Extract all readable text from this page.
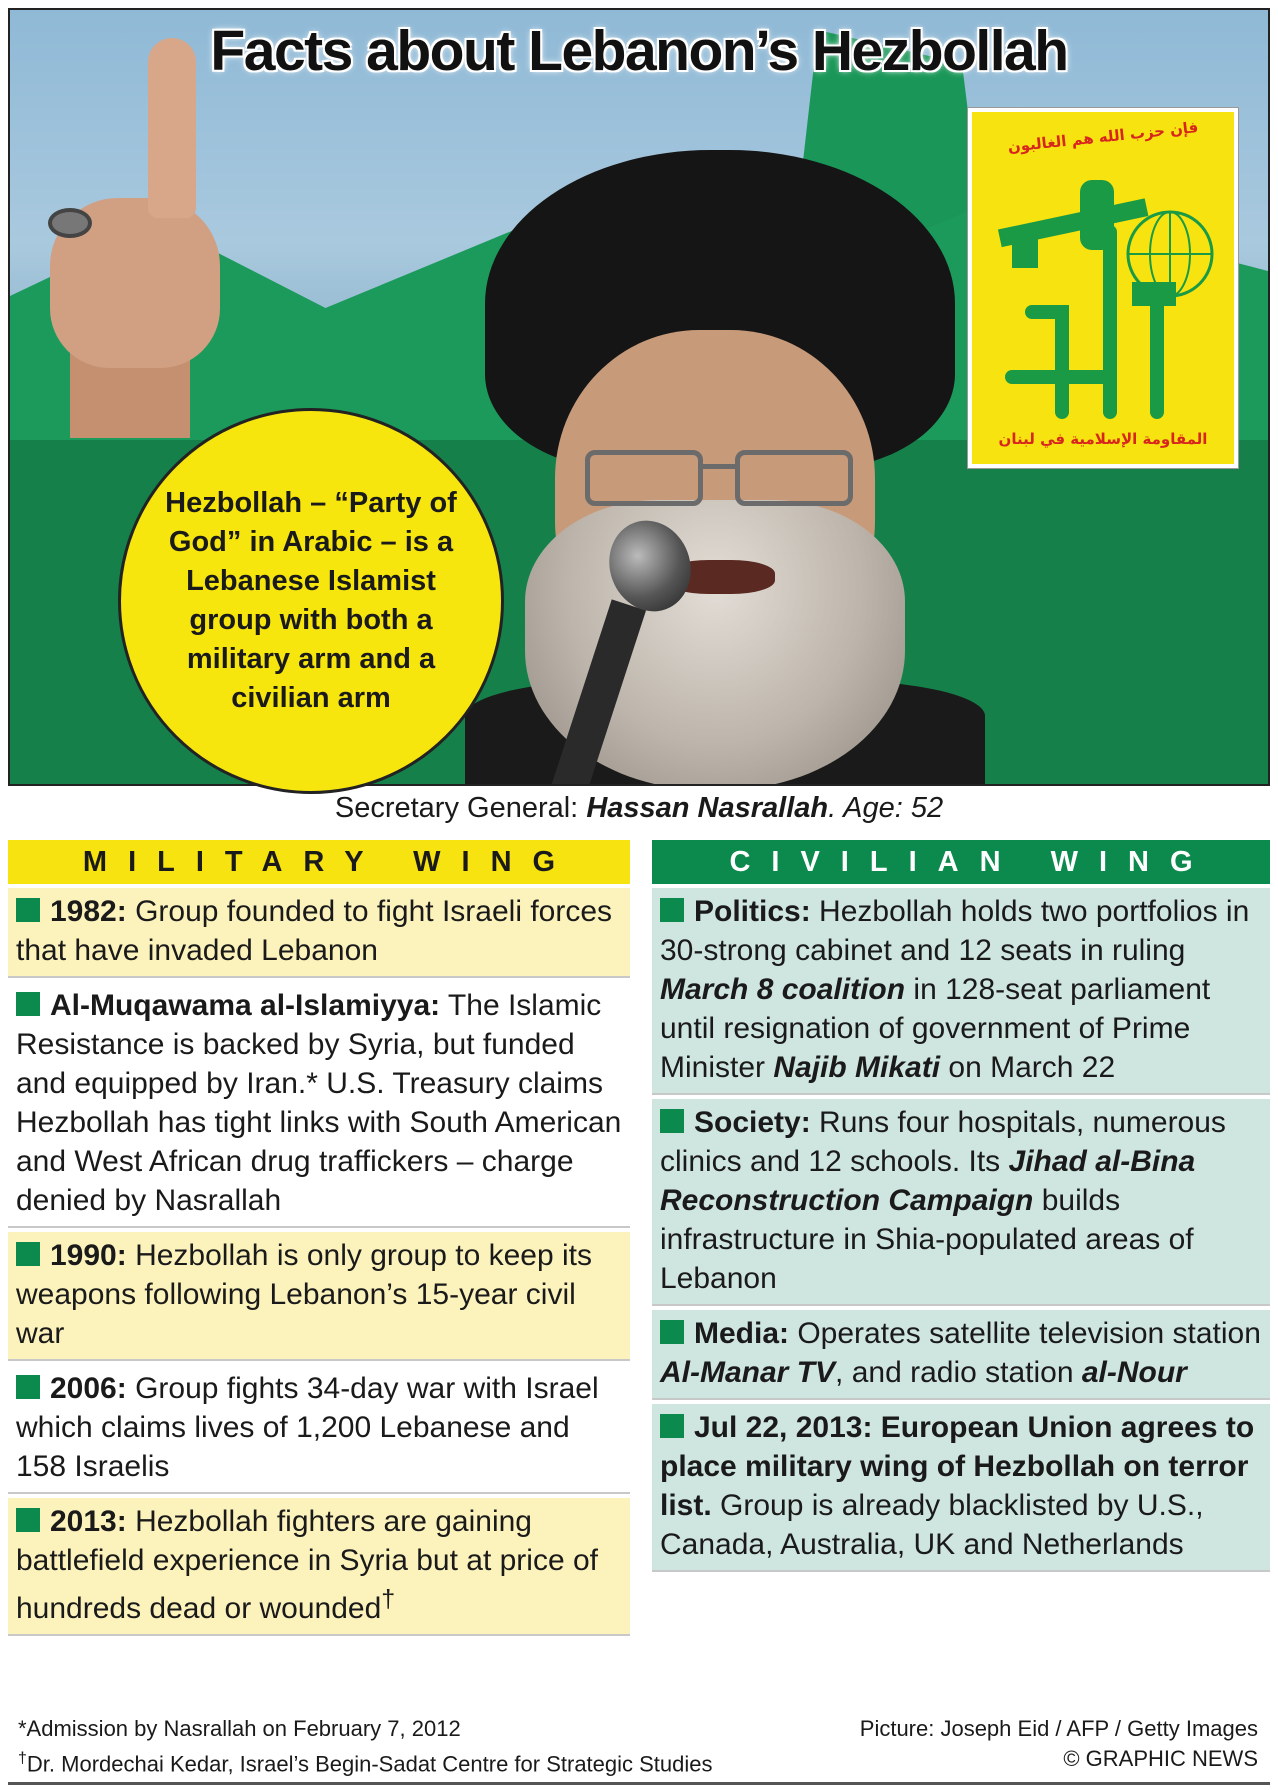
Facts about Lebanon’s Hezbollah
فإن حزب الله هم الغالبون
المقاومة الإسلامية في لبنان
Hezbollah – “Party of God” in Arabic – is a Lebanese Islamist group with both a military arm and a civilian arm
Secretary General: Hassan Nasrallah. Age: 52
MILITARY WING
1982: Group founded to fight Israeli forces that have invaded Lebanon
Al-Muqawama al-Islamiyya: The Islamic Resistance is backed by Syria, but funded and equipped by Iran.* U.S. Treasury claims Hezbollah has tight links with South American and West African drug traffickers – charge denied by Nasrallah
1990: Hezbollah is only group to keep its weapons following Lebanon’s 15-year civil war
2006: Group fights 34-day war with Israel which claims lives of 1,200 Lebanese and 158 Israelis
2013: Hezbollah fighters are gaining battlefield experience in Syria but at price of hundreds dead or wounded†
CIVILIAN WING
Politics: Hezbollah holds two portfolios in 30-strong cabinet and 12 seats in ruling March 8 coalition in 128-seat parliament until resignation of government of Prime Minister Najib Mikati on March 22
Society: Runs four hospitals, numerous clinics and 12 schools. Its Jihad al-Bina Reconstruction Campaign builds infrastructure in Shia-populated areas of Lebanon
Media: Operates satellite television station Al-Manar TV, and radio station al-Nour
Jul 22, 2013: European Union agrees to place military wing of Hezbollah on terror list. Group is already blacklisted by U.S., Canada, Australia, UK and Netherlands
*Admission by Nasrallah on February 7, 2012
†Dr. Mordechai Kedar, Israel’s Begin-Sadat Centre for Strategic Studies
Picture: Joseph Eid / AFP / Getty Images
© GRAPHIC NEWS
